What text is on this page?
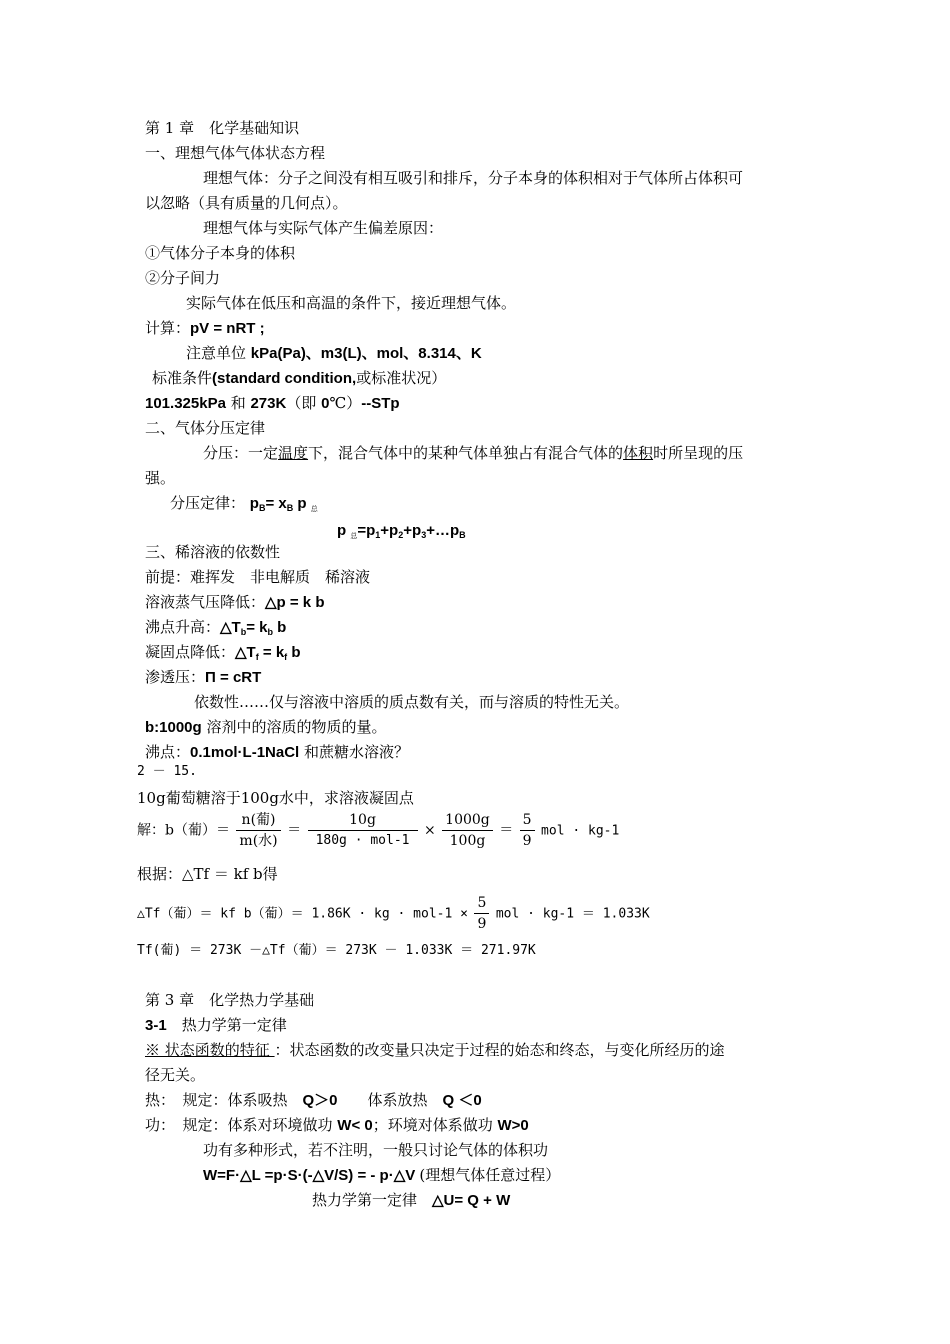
第 1 章　化学基础知识
一、理想气体气体状态方程
理想气体：分子之间没有相互吸引和排斥，分子本身的体积相对于气体所占体积可
以忽略（具有质量的几何点）。
理想气体与实际气体产生偏差原因：
①气体分子本身的体积
②分子间力
实际气体在低压和高温的条件下，接近理想气体。
计算：pV = nRT ;
注意单位 kPa(Pa)、m3(L)、mol、8.314、K
标准条件(standard condition,或标准状况）
101.325kPa 和 273K（即 0℃）--STp
二、气体分压定律
分压：一定温度下，混合气体中的某种气体单独占有混合气体的体积时所呈现的压
强。
分压定律： $p_B= x_B$ p $_总$
p $_总=p_1+p_2+p_3+\dots p_B$
三、稀溶液的依数性
前提：难挥发　非电解质　稀溶液
溶液蒸气压降低：△p = k b
沸点升高：$\triangle T_b= k_b$ b
凝固点降低：$\triangle T_f = k_f$ b
渗透压：Π = cRT
依数性……仅与溶液中溶质的质点数有关，而与溶质的特性无关。
b:1000g 溶剂中的溶质的物质的量。
沸点：0.1mol·L-1NaCl 和蔗糖水溶液？
2 － 15.
10g葡萄糖溶于100g水中，求溶液凝固点
解：b（葡）＝ $\frac{\text{n(葡)}}{\text{m(水)}} = \frac{10g}{\text{180g · mol-1}} \times \frac{1000g}{100g} = \frac{5}{9}$ mol · kg-1
根据：△Tf ＝ kf b得
△Tf（葡）＝ kf b（葡）＝ 1.86K · kg · $mol-1 \times \frac{5}{9}$ mol · kg-1 ＝ 1.033K
Tf(葡) ＝ 273K －△Tf（葡）＝ 273K － 1.033K ＝ 271.97K
第 3 章　化学热力学基础
3-1　热力学第一定律
※ 状态函数的特征 ：状态函数的改变量只决定于过程的始态和终态，与变化所经历的途
径无关。
热：　规定：体系吸热　Q＞0　　体系放热　Q ＜0
功：　规定：体系对环境做功 W< 0；环境对体系做功 W>0
功有多种形式，若不注明，一般只讨论气体的体积功
W=F·△L =p·S·(-△V/S) = - p·△V (理想气体任意过程）
热力学第一定律　△U= Q + W
